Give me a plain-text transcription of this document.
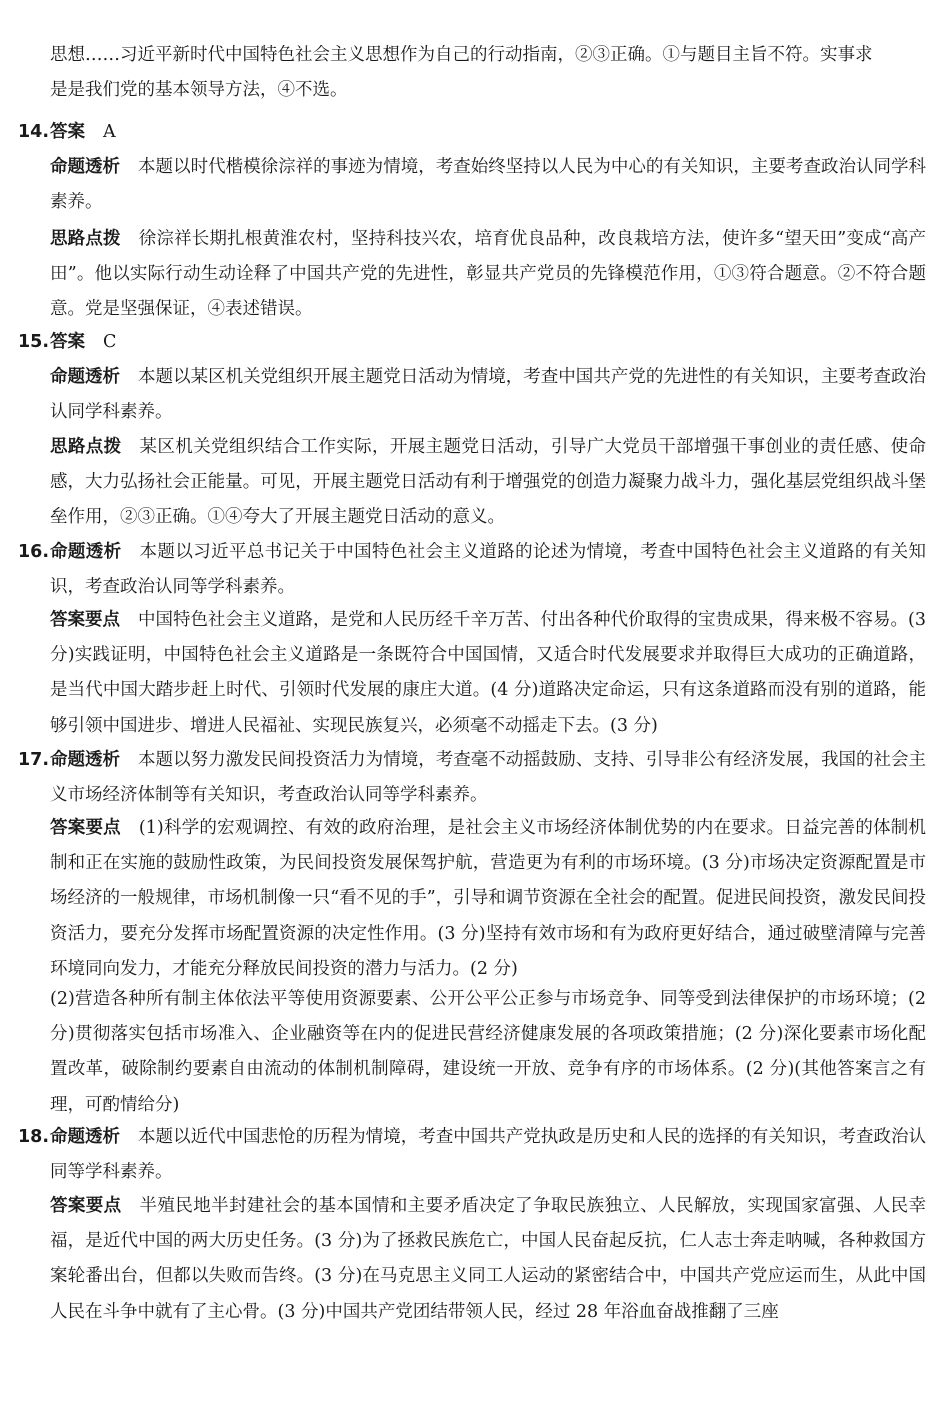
思想……习近平新时代中国特色社会主义思想作为自己的行动指南，②③正确。①与题目主旨不符。实事求
是是我们党的基本领导方法，④不选。
14. 答案 A
命题透析 本题以时代楷模徐淙祥的事迹为情境，考查始终坚持以人民为中心的有关知识，主要考查政治认同学科素养。
思路点拨 徐淙祥长期扎根黄淮农村，坚持科技兴农，培育优良品种，改良栽培方法，使许多“望天田”变成“高产田”。他以实际行动生动诠释了中国共产党的先进性，彰显共产党员的先锋模范作用，①③符合题意。②不符合题意。党是坚强保证，④表述错误。
15. 答案 C
命题透析 本题以某区机关党组织开展主题党日活动为情境，考查中国共产党的先进性的有关知识，主要考查政治认同学科素养。
思路点拨 某区机关党组织结合工作实际，开展主题党日活动，引导广大党员干部增强干事创业的责任感、使命感，大力弘扬社会正能量。可见，开展主题党日活动有利于增强党的创造力凝聚力战斗力，强化基层党组织战斗堡垒作用，②③正确。①④夸大了开展主题党日活动的意义。
16. 命题透析 本题以习近平总书记关于中国特色社会主义道路的论述为情境，考查中国特色社会主义道路的有关知识，考查政治认同等学科素养。
答案要点 中国特色社会主义道路，是党和人民历经千辛万苦、付出各种代价取得的宝贵成果，得来极不容易。(3 分)实践证明，中国特色社会主义道路是一条既符合中国国情，又适合时代发展要求并取得巨大成功的正确道路，是当代中国大踏步赶上时代、引领时代发展的康庄大道。(4 分)道路决定命运，只有这条道路而没有别的道路，能够引领中国进步、增进人民福祉、实现民族复兴，必须毫不动摇走下去。(3 分)
17. 命题透析 本题以努力激发民间投资活力为情境，考查毫不动摇鼓励、支持、引导非公有经济发展，我国的社会主义市场经济体制等有关知识，考查政治认同等学科素养。
答案要点 (1)科学的宏观调控、有效的政府治理，是社会主义市场经济体制优势的内在要求。日益完善的体制机制和正在实施的鼓励性政策，为民间投资发展保驾护航，营造更为有利的市场环境。(3 分)市场决定资源配置是市场经济的一般规律，市场机制像一只“看不见的手”，引导和调节资源在全社会的配置。促进民间投资，激发民间投资活力，要充分发挥市场配置资源的决定性作用。(3 分)坚持有效市场和有为政府更好结合，通过破壁清障与完善环境同向发力，才能充分释放民间投资的潜力与活力。(2 分)
(2)营造各种所有制主体依法平等使用资源要素、公开公平公正参与市场竞争、同等受到法律保护的市场环境；(2 分)贯彻落实包括市场准入、企业融资等在内的促进民营经济健康发展的各项政策措施；(2 分)深化要素市场化配置改革，破除制约要素自由流动的体制机制障碍，建设统一开放、竞争有序的市场体系。(2 分)(其他答案言之有理，可酌情给分)
18. 命题透析 本题以近代中国悲怆的历程为情境，考查中国共产党执政是历史和人民的选择的有关知识，考查政治认同等学科素养。
答案要点 半殖民地半封建社会的基本国情和主要矛盾决定了争取民族独立、人民解放，实现国家富强、人民幸福，是近代中国的两大历史任务。(3 分)为了拯救民族危亡，中国人民奋起反抗，仁人志士奔走呐喊，各种救国方案轮番出台，但都以失败而告终。(3 分)在马克思主义同工人运动的紧密结合中，中国共产党应运而生，从此中国人民在斗争中就有了主心骨。(3 分)中国共产党团结带领人民，经过 28 年浴血奋战推翻了三座
